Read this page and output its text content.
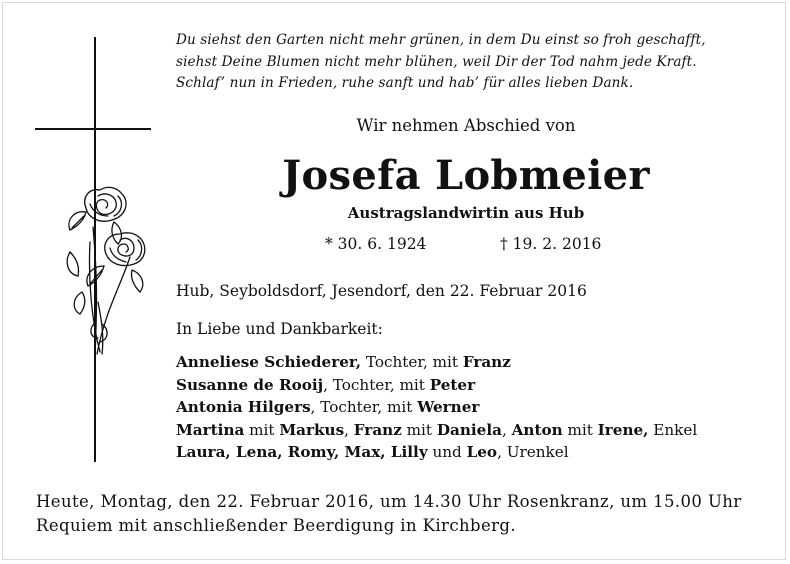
Du siehst den Garten nicht mehr grünen, in dem Du einst so froh geschafft,
siehst Deine Blumen nicht mehr blühen, weil Dir der Tod nahm jede Kraft.
Schlaf’ nun in Frieden, ruhe sanft und hab’ für alles lieben Dank.
Wir nehmen Abschied von
Josefa Lobmeier
Austragslandwirtin aus Hub
* 30. 6. 1924	† 19. 2. 2016
Hub, Seyboldsdorf, Jesendorf, den 22. Februar 2016
In Liebe und Dankbarkeit:
Anneliese Schiederer, Tochter, mit Franz
Susanne de Rooij, Tochter, mit Peter
Antonia Hilgers, Tochter, mit Werner
Martina mit Markus, Franz mit Daniela, Anton mit Irene, Enkel
Laura, Lena, Romy, Max, Lilly und Leo, Urenkel
Heute, Montag, den 22. Februar 2016, um 14.30 Uhr Rosenkranz, um 15.00 Uhr
Requiem mit anschließender Beerdigung in Kirchberg.
